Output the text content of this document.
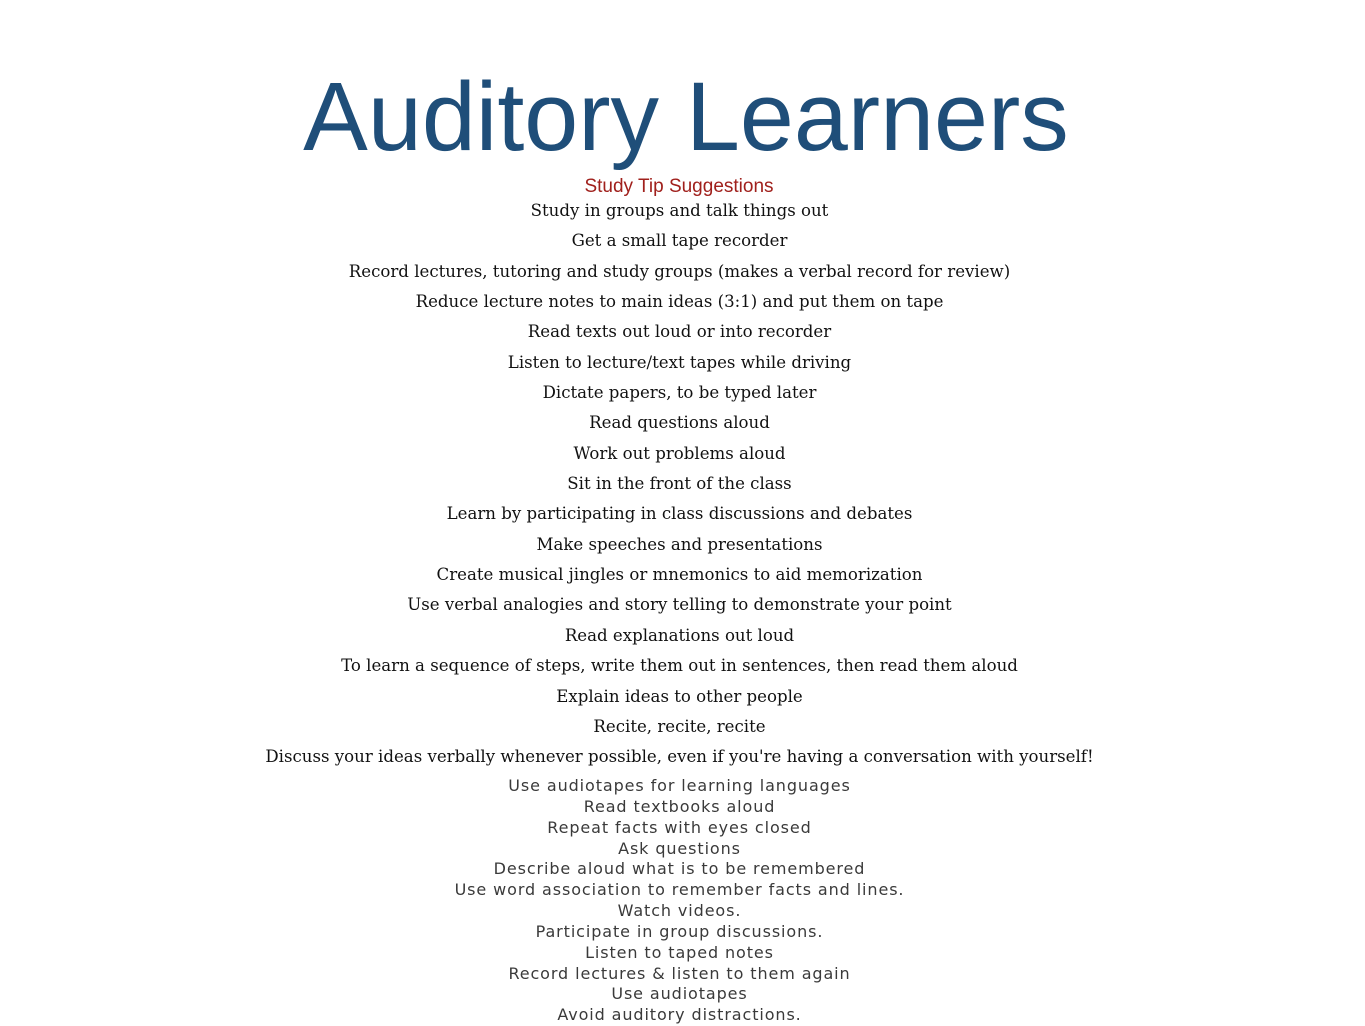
Auditory Learners
Study Tip Suggestions
Study in groups and talk things out
Get a small tape recorder
Record lectures, tutoring and study groups (makes a verbal record for review)
Reduce lecture notes to main ideas (3:1) and put them on tape
Read texts out loud or into recorder
Listen to lecture/text tapes while driving
Dictate papers, to be typed later
Read questions aloud
Work out problems aloud
Sit in the front of the class
Learn by participating in class discussions and debates
Make speeches and presentations
Create musical jingles or mnemonics to aid memorization
Use verbal analogies and story telling to demonstrate your point
Read explanations out loud
To learn a sequence of steps, write them out in sentences, then read them aloud
Explain ideas to other people
Recite, recite, recite
Discuss your ideas verbally whenever possible, even if you're having a conversation with yourself!
Use audiotapes for learning languages
Read textbooks aloud
Repeat facts with eyes closed
Ask questions
Describe aloud what is to be remembered
Use word association to remember facts and lines.
Watch videos.
Participate in group discussions.
Listen to taped notes
Record lectures & listen to them again
Use audiotapes
Avoid auditory distractions.
